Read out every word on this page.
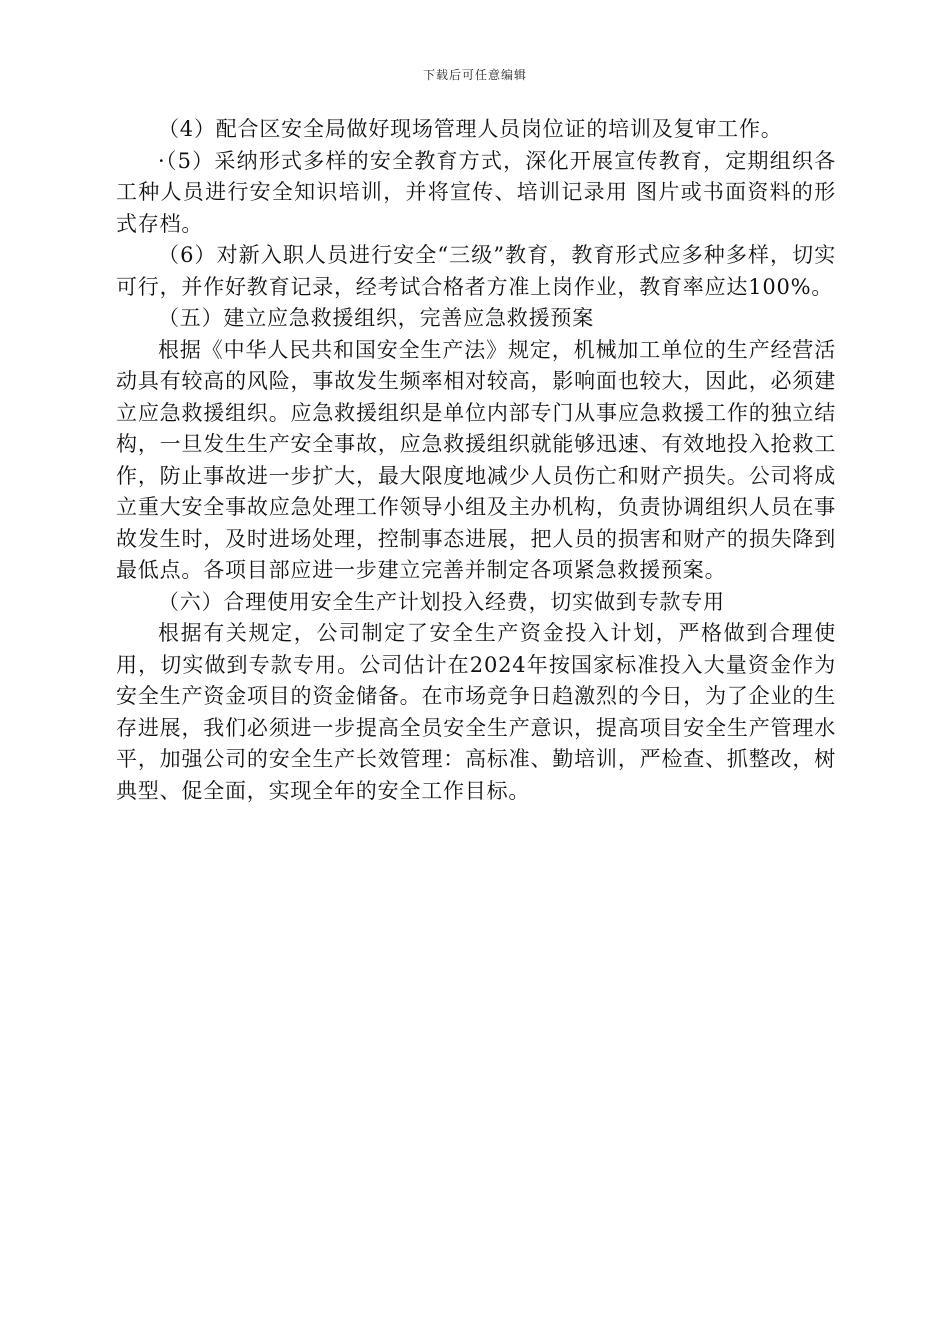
下载后可任意编辑

（4）配合区安全局做好现场管理人员岗位证的培训及复审工作。

·（5）采纳形式多样的安全教育方式，深化开展宣传教育，定期组织各工种人员进行安全知识培训，并将宣传、培训记录用 图片或书面资料的形式存档。

（6）对新入职人员进行安全“三级”教育，教育形式应多种多样，切实可行，并作好教育记录，经考试合格者方准上岗作业，教育率应达100%。

（五）建立应急救援组织，完善应急救援预案

根据《中华人民共和国安全生产法》规定，机械加工单位的生产经营活动具有较高的风险，事故发生频率相对较高，影响面也较大，因此，必须建立应急救援组织。应急救援组织是单位内部专门从事应急救援工作的独立结构，一旦发生生产安全事故，应急救援组织就能够迅速、有效地投入抢救工作，防止事故进一步扩大，最大限度地减少人员伤亡和财产损失。公司将成立重大安全事故应急处理工作领导小组及主办机构，负责协调组织人员在事故发生时，及时进场处理，控制事态进展，把人员的损害和财产的损失降到最低点。各项目部应进一步建立完善并制定各项紧急救援预案。

（六）合理使用安全生产计划投入经费，切实做到专款专用

根据有关规定，公司制定了安全生产资金投入计划，严格做到合理使用，切实做到专款专用。公司估计在2024年按国家标准投入大量资金作为安全生产资金项目的资金储备。在市场竞争日趋激烈的今日，为了企业的生存进展，我们必须进一步提高全员安全生产意识，提高项目安全生产管理水平，加强公司的安全生产长效管理：高标准、勤培训，严检查、抓整改，树典型、促全面，实现全年的安全工作目标。
